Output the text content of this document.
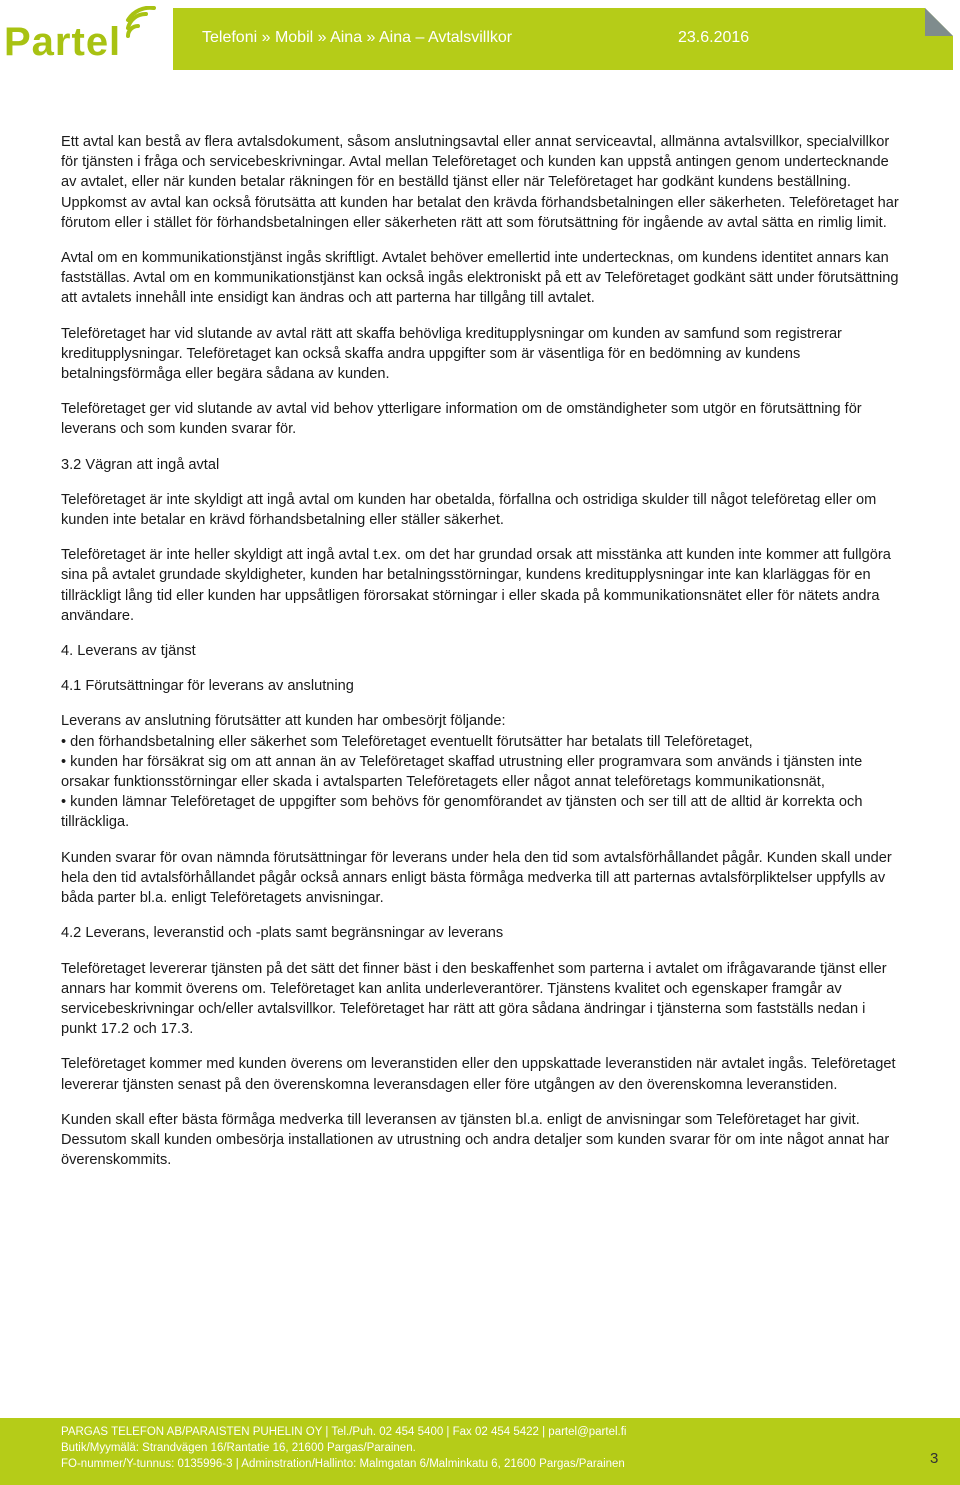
Partel	Telefoni » Mobil » Aina » Aina – Avtalsvillkor	23.6.2016

Ett avtal kan bestå av flera avtalsdokument, såsom anslutningsavtal eller annat serviceavtal, allmänna avtalsvillkor, specialvillkor för tjänsten i fråga och servicebeskrivningar. Avtal mellan Teleföretaget och kunden kan uppstå antingen genom undertecknande av avtalet, eller när kunden betalar räkningen för en beställd tjänst eller när Teleföretaget har godkänt kundens beställning. Uppkomst av avtal kan också förutsätta att kunden har betalat den krävda förhandsbetalningen eller säkerheten. Teleföretaget har förutom eller i stället för förhandsbetalningen eller säkerheten rätt att som förutsättning för ingående av avtal sätta en rimlig limit.

Avtal om en kommunikationstjänst ingås skriftligt. Avtalet behöver emellertid inte undertecknas, om kundens identitet annars kan fastställas. Avtal om en kommunikationstjänst kan också ingås elektroniskt på ett av Teleföretaget godkänt sätt under förutsättning att avtalets innehåll inte ensidigt kan ändras och att parterna har tillgång till avtalet.

Teleföretaget har vid slutande av avtal rätt att skaffa behövliga kreditupplysningar om kunden av samfund som registrerar kreditupplysningar. Teleföretaget kan också skaffa andra uppgifter som är väsentliga för en bedömning av kundens betalningsförmåga eller begära sådana av kunden.

Teleföretaget ger vid slutande av avtal vid behov ytterligare information om de omständigheter som utgör en förutsättning för leverans och som kunden svarar för.

3.2 Vägran att ingå avtal

Teleföretaget är inte skyldigt att ingå avtal om kunden har obetalda, förfallna och ostridiga skulder till något teleföretag eller om kunden inte betalar en krävd förhandsbetalning eller ställer säkerhet.

Teleföretaget är inte heller skyldigt att ingå avtal t.ex. om det har grundad orsak att misstänka att kunden inte kommer att fullgöra sina på avtalet grundade skyldigheter, kunden har betalningsstörningar, kundens kreditupplysningar inte kan klarläggas för en tillräckligt lång tid eller kunden har uppsåtligen förorsakat störningar i eller skada på kommunikationsnätet eller för nätets andra användare.

4. Leverans av tjänst

4.1 Förutsättningar för leverans av anslutning

Leverans av anslutning förutsätter att kunden har ombesörjt följande:

• den förhandsbetalning eller säkerhet som Teleföretaget eventuellt förutsätter har betalats till Teleföretaget,

• kunden har försäkrat sig om att annan än av Teleföretaget skaffad utrustning eller programvara som används i tjänsten inte orsakar funktionsstörningar eller skada i avtalsparten Teleföretagets eller något annat teleföretags kommunikationsnät,

• kunden lämnar Teleföretaget de uppgifter som behövs för genomförandet av tjänsten och ser till att de alltid är korrekta och tillräckliga.

Kunden svarar för ovan nämnda förutsättningar för leverans under hela den tid som avtalsförhållandet pågår. Kunden skall under hela den tid avtalsförhållandet pågår också annars enligt bästa förmåga medverka till att parternas avtalsförpliktelser uppfylls av båda parter bl.a. enligt Teleföretagets anvisningar.

4.2 Leverans, leveranstid och -plats samt begränsningar av leverans

Teleföretaget levererar tjänsten på det sätt det finner bäst i den beskaffenhet som parterna i avtalet om ifrågavarande tjänst eller annars har kommit överens om. Teleföretaget kan anlita underleverantörer. Tjänstens kvalitet och egenskaper framgår av servicebeskrivningar och/eller avtalsvillkor. Teleföretaget har rätt att göra sådana ändringar i tjänsterna som fastställs nedan i punkt 17.2 och 17.3.

Teleföretaget kommer med kunden överens om leveranstiden eller den uppskattade leveranstiden när avtalet ingås. Teleföretaget levererar tjänsten senast på den överenskomna leveransdagen eller före utgången av den överenskomna leveranstiden.

Kunden skall efter bästa förmåga medverka till leveransen av tjänsten bl.a. enligt de anvisningar som Teleföretaget har givit. Dessutom skall kunden ombesörja installationen av utrustning och andra detaljer som kunden svarar för om inte något annat har överenskommits.

PARGAS TELEFON AB/PARAISTEN PUHELIN OY | Tel./Puh. 02 454 5400 | Fax 02 454 5422 | partel@partel.fi
Butik/Myymälä: Strandvägen 16/Rantatie 16, 21600 Pargas/Parainen.
FO-nummer/Y-tunnus: 0135996-3 | Adminstration/Hallinto: Malmgatan 6/Malminkatu 6, 21600 Pargas/Parainen	3
